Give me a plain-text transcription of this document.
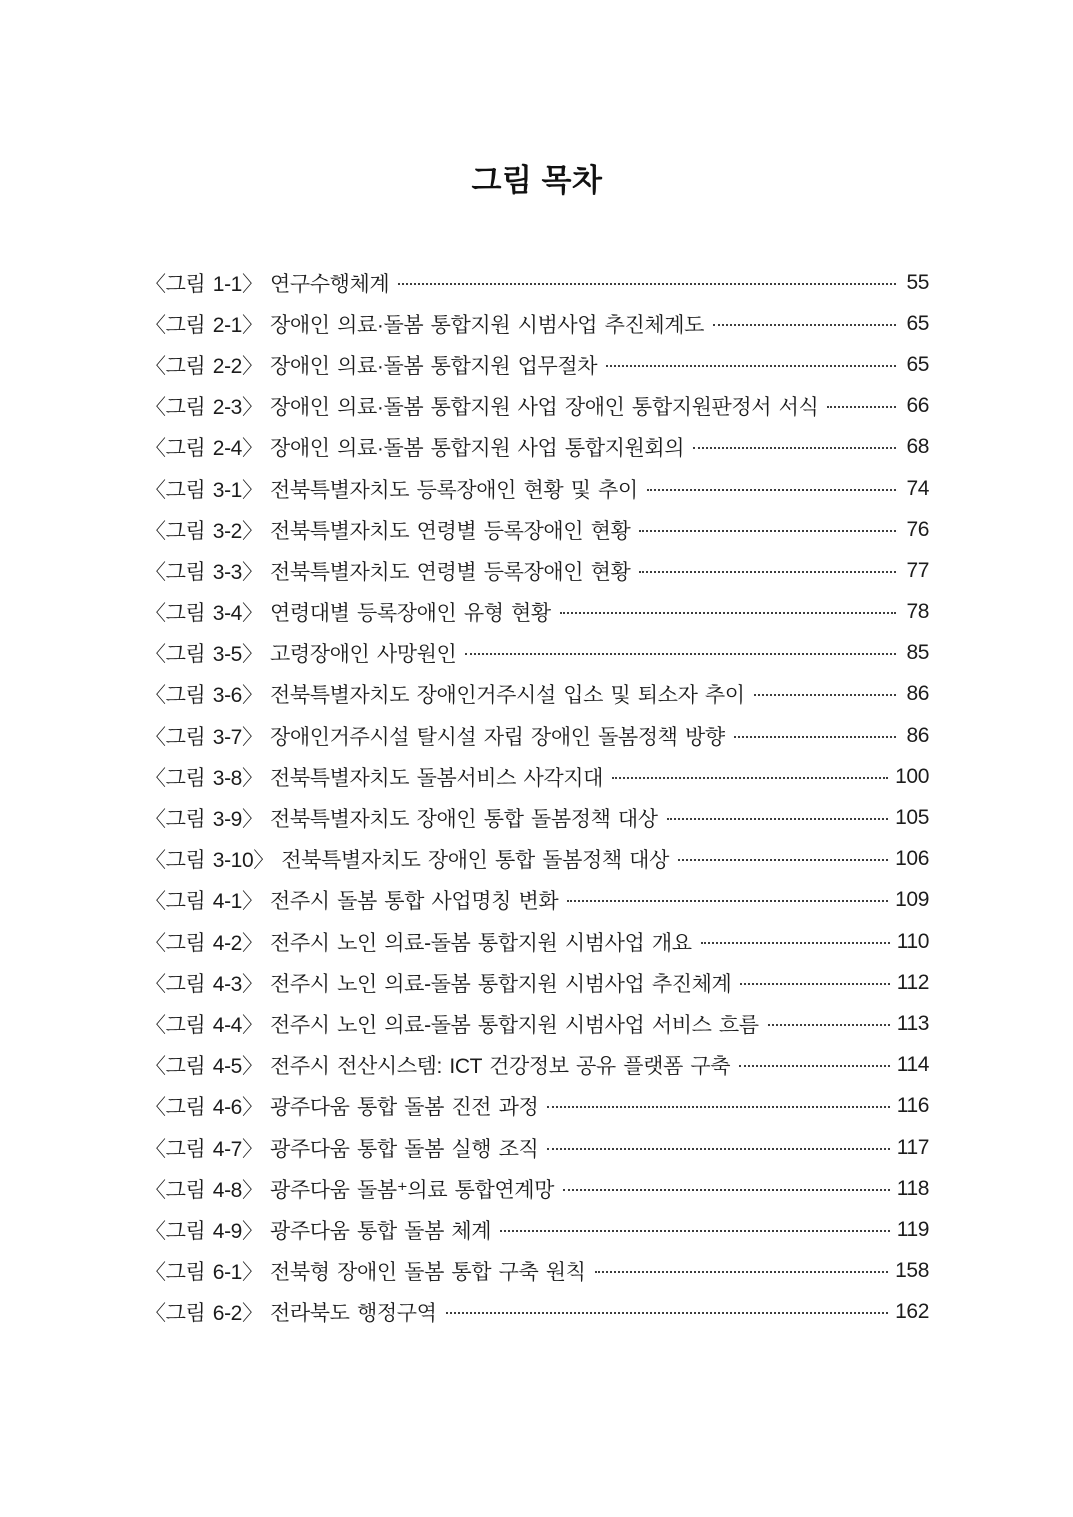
그림 목차
〈그림 1-1〉 연구수행체계	55
〈그림 2-1〉 장애인 의료·돌봄 통합지원 시범사업 추진체계도	65
〈그림 2-2〉 장애인 의료·돌봄 통합지원 업무절차	65
〈그림 2-3〉 장애인 의료·돌봄 통합지원 사업 장애인 통합지원판정서 서식	66
〈그림 2-4〉 장애인 의료·돌봄 통합지원 사업 통합지원회의	68
〈그림 3-1〉 전북특별자치도 등록장애인 현황 및 추이	74
〈그림 3-2〉 전북특별자치도 연령별 등록장애인 현황	76
〈그림 3-3〉 전북특별자치도 연령별 등록장애인 현황	77
〈그림 3-4〉 연령대별 등록장애인 유형 현황	78
〈그림 3-5〉 고령장애인 사망원인	85
〈그림 3-6〉 전북특별자치도 장애인거주시설 입소 및 퇴소자 추이	86
〈그림 3-7〉 장애인거주시설 탈시설 자립 장애인 돌봄정책 방향	86
〈그림 3-8〉 전북특별자치도 돌봄서비스 사각지대	100
〈그림 3-9〉 전북특별자치도 장애인 통합 돌봄정책 대상	105
〈그림 3-10〉 전북특별자치도 장애인 통합 돌봄정책 대상	106
〈그림 4-1〉 전주시 돌봄 통합 사업명칭 변화	109
〈그림 4-2〉 전주시 노인 의료-돌봄 통합지원 시범사업 개요	110
〈그림 4-3〉 전주시 노인 의료-돌봄 통합지원 시범사업 추진체계	112
〈그림 4-4〉 전주시 노인 의료-돌봄 통합지원 시범사업 서비스 흐름	113
〈그림 4-5〉 전주시 전산시스템: ICT 건강정보 공유 플랫폼 구축	114
〈그림 4-6〉 광주다움 통합 돌봄 진전 과정	116
〈그림 4-7〉 광주다움 통합 돌봄 실행 조직	117
〈그림 4-8〉 광주다움 돌봄⁺의료 통합연계망	118
〈그림 4-9〉 광주다움 통합 돌봄 체계	119
〈그림 6-1〉 전북형 장애인 돌봄 통합 구축 원칙	158
〈그림 6-2〉 전라북도 행정구역	162
